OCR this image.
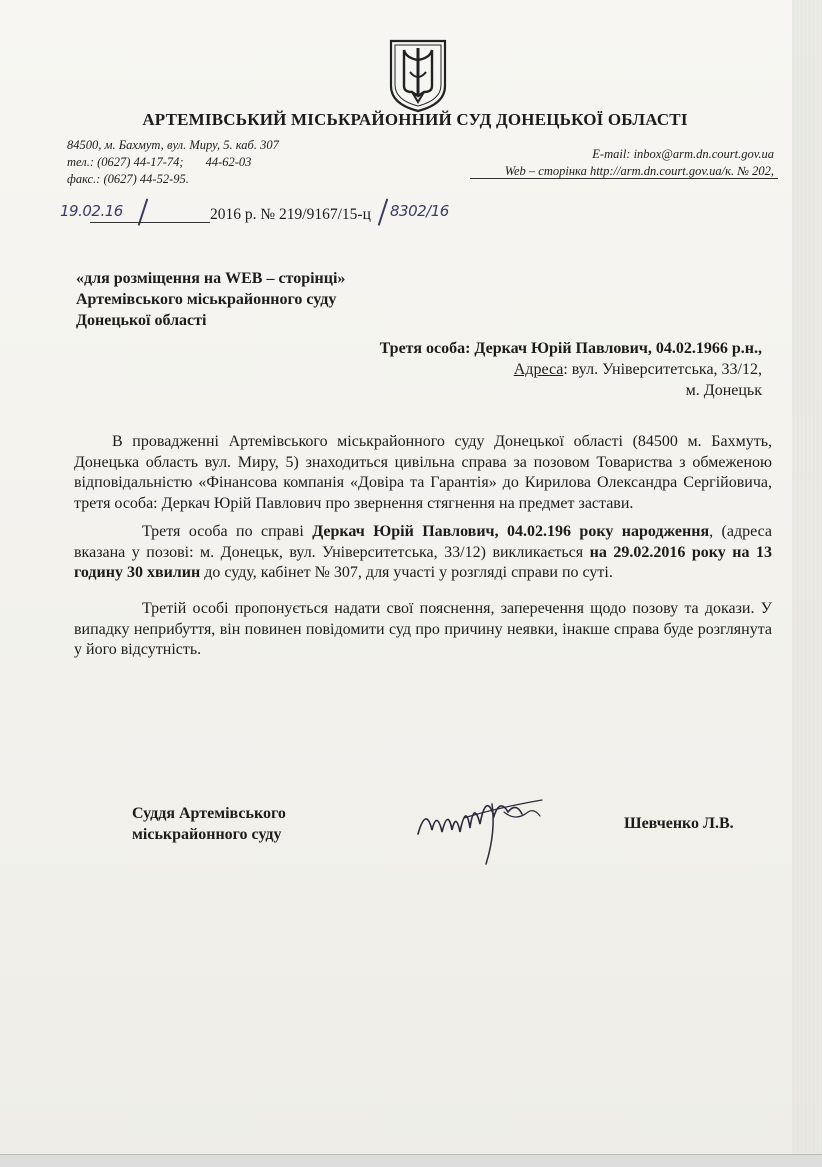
АРТЕМІВСЬКИЙ МІСЬКРАЙОННИЙ СУД ДОНЕЦЬКОЇ ОБЛАСТІ
84500, м. Бахмут, вул. Миру, 5. каб. 307
тел.: (0627) 44-17-74; 44-62-03
факс.: (0627) 44-52-95.
E-mail: inbox@arm.dn.court.gov.ua
Web – сторінка http://arm.dn.court.gov.ua/к. № 202,
19.02.16	2016 р. № 219/9167/15-ц 8302/16
«для розміщення на WEB – сторінці»
Артемівського міськрайонного суду
Донецької області
Третя особа: Деркач Юрій Павлович, 04.02.1966 р.н.,
Адреса: вул. Університетська, 33/12,
м. Донецьк
В провадженні Артемівського міськрайонного суду Донецької області (84500 м. Бахмуть, Донецька область вул. Миру, 5) знаходиться цивільна справа за позовом Товариства з обмеженою відповідальністю «Фінансова компанія «Довіра та Гарантія» до Кирилова Олександра Сергійовича, третя особа: Деркач Юрій Павлович про звернення стягнення на предмет застави.
Третя особа по справі Деркач Юрій Павлович, 04.02.196 року народження, (адреса вказана у позові: м. Донецьк, вул. Університетська, 33/12) викликається на 29.02.2016 року на 13 годину 30 хвилин до суду, кабінет № 307, для участі у розгляді справи по суті.
Третій особі пропонується надати свої пояснення, заперечення щодо позову та докази. У випадку неприбуття, він повинен повідомити суд про причину неявки, інакше справа буде розглянута у його відсутність.
Суддя Артемівського
міськрайонного суду
Шевченко Л.В.
